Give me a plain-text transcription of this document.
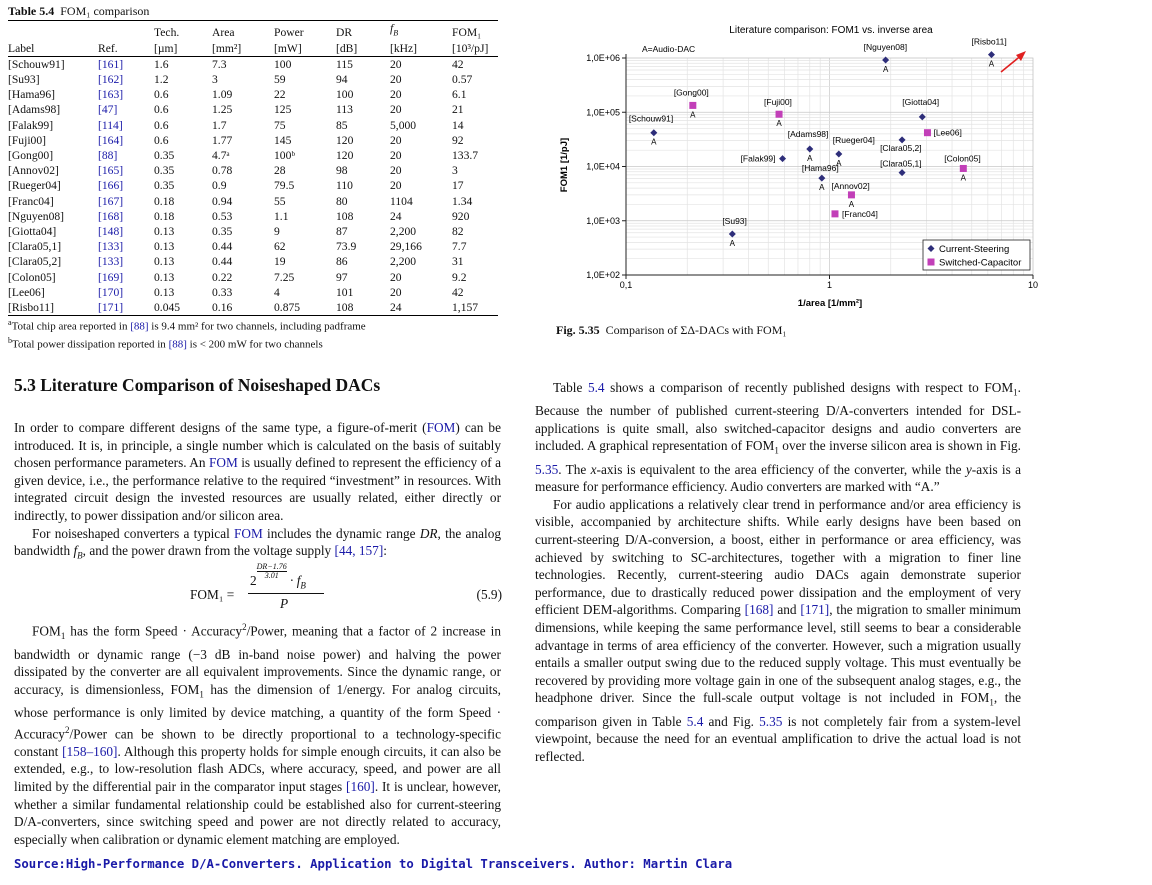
Table 5.4 FOM₁ comparison

		Tech.	Area	Power	DR	$f_B$	FOM₁
Label	Ref.	[µm]	[mm²]	[mW]	[dB]	[kHz]	[10³/pJ]
[Schouw91]	[161]	1.6	7.3	100	115	20	42
[Su93]	[162]	1.2	3	59	94	20	0.57
[Hama96]	[163]	0.6	1.09	22	100	20	6.1
[Adams98]	[47]	0.6	1.25	125	113	20	21
[Falak99]	[114]	0.6	1.7	75	85	5,000	14
[Fuji00]	[164]	0.6	1.77	145	120	20	92
[Gong00]	[88]	0.35	4.7ᵃ	100ᵇ	120	20	133.7
[Annov02]	[165]	0.35	0.78	28	98	20	3
[Rueger04]	[166]	0.35	0.9	79.5	110	20	17
[Franc04]	[167]	0.18	0.94	55	80	1104	1.34
[Nguyen08]	[168]	0.18	0.53	1.1	108	24	920
[Giotta04]	[148]	0.13	0.35	9	87	2,200	82
[Clara05,1]	[133]	0.13	0.44	62	73.9	29,166	7.7
[Clara05,2]	[133]	0.13	0.44	19	86	2,200	31
[Colon05]	[169]	0.13	0.22	7.25	97	20	9.2
[Lee06]	[170]	0.13	0.33	4	101	20	42
[Risbo11]	[171]	0.045	0.16	0.875	108	24	1,157

$^a$Total chip area reported in [88] is 9.4 mm² for two channels, including padframe

$^b$Total power dissipation reported in [88] is < 200 mW for two channels

1,0E+02
1,0E+03
1,0E+04
1,0E+05
1,0E+06
0,1	1	10
[Schouw91]
A
[Su93]
A
[Hama96]
A
[Adams98]
A
[Falak99]
[Rueger04]
A
[Nguyen08]
A
[Giotta04]
[Clara05,1]
[Clara05,2]
[Risbo11]
A
[Fuji00]
A
[Gong00]
A
[Annov02]
A
[Franc04]
[Colon05]
A
[Lee06]
Literature comparison: FOM1 vs. inverse area
A=Audio-DAC
1/area [1/mm²]
FOM1 [1/pJ]
Current-Steering
Switched-Capacitor
Fig. 5.35 Comparison of ΣΔ-DACs with FOM₁
5.3 Literature Comparison of Noiseshaped DACs

In order to compare different designs of the same type, a figure-of-merit (FOM) can be introduced. It is, in principle, a single number which is calculated on the basis of suitably chosen performance parameters. An FOM is usually defined to represent the efficiency of a given device, i.e., the performance relative to the required “investment” in resources. With integrated circuit design the invested resources are usually related, either directly or indirectly, to power dissipation and/or silicon area.

For noiseshaped converters a typical FOM includes the dynamic range DR, the analog bandwidth $f_B$, and the power drawn from the voltage supply [44, 157]:

FOM₁ =
2
$\frac{DR-1.76}{3.01}$
· $f_B$
P
(5.9)

$FOM_1$ has the form Speed · Accuracy$^2$/Power, meaning that a factor of 2 increase in bandwidth or dynamic range (−3 dB in-band noise power) and halving the power dissipated by the converter are all equivalent improvements. Since the dynamic range, or accuracy, is dimensionless, $FOM_1$ has the dimension of 1/energy. For analog circuits, whose performance is only limited by device matching, a quantity of the form Speed · Accuracy$^2$/Power can be shown to be directly proportional to a technology-specific constant [158–160]. Although this property holds for simple enough circuits, it can also be extended, e.g., to low-resolution flash ADCs, where accuracy, speed, and power are all limited by the differential pair in the comparator input stages [160]. It is unclear, however, whether a similar fundamental relationship could be established also for current-steering D/A-converters, since switching speed and power are not directly related to accuracy, especially when calibration or dynamic element matching are employed.

Table 5.4 shows a comparison of recently published designs with respect to $FOM_1$. Because the number of published current-steering D/A-converters intended for DSL-applications is quite small, also switched-capacitor designs and audio converters are included. A graphical representation of $FOM_1$ over the inverse silicon area is shown in Fig. 5.35. The x-axis is equivalent to the area efficiency of the converter, while the y-axis is a measure for performance efficiency. Audio converters are marked with “A.”

For audio applications a relatively clear trend in performance and/or area efficiency is visible, accompanied by architecture shifts. While early designs have been based on current-steering D/A-conversion, a boost, either in performance or area efficiency, was achieved by switching to SC-architectures, together with a migration to finer line technologies. Recently, current-steering audio DACs again demonstrate superior performance, due to drastically reduced power dissipation and the employment of very efficient DEM-algorithms. Comparing [168] and [171], the migration to smaller minimum dimensions, while keeping the same performance level, still seems to bear a considerable advantage in terms of area efficiency of the converter. However, such a migration usually entails a smaller output swing due to the reduced supply voltage. This must eventually be recovered by providing more voltage gain in one of the subsequent analog stages, e.g., the headphone driver. Since the full-scale output voltage is not included in $FOM_1$, the comparison given in Table 5.4 and Fig. 5.35 is not completely fair from a system-level viewpoint, because the need for an eventual amplification to drive the actual load is not reflected.

Source:High-Performance D/A-Converters. Application to Digital Transceivers. Author: Martin Clara
